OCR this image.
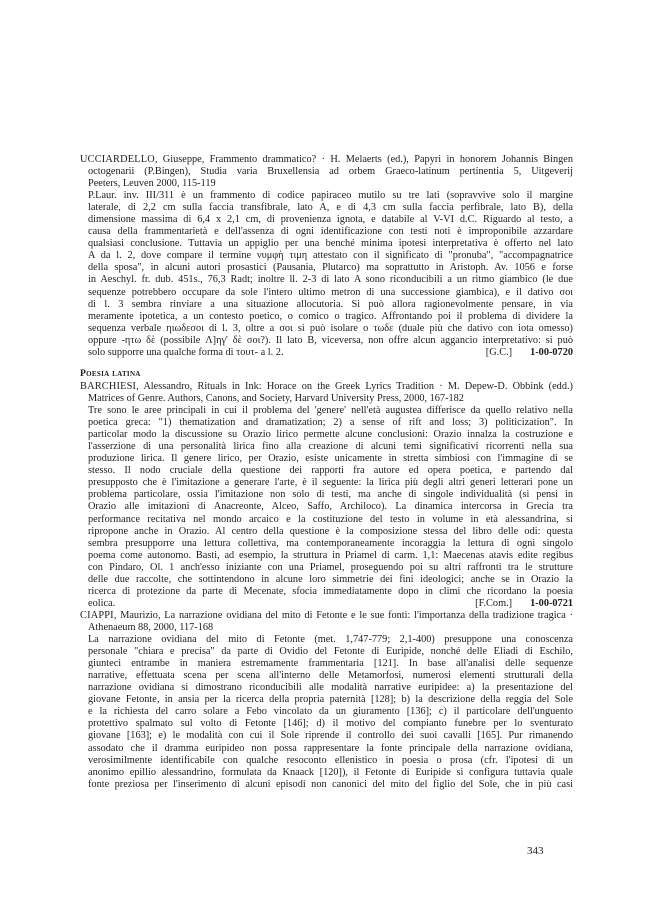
UCCIARDELLO, Giuseppe, Frammento drammatico? · H. Melaerts (ed.), Papyri in honorem Johannis Bingen
octogenarii (P.Bingen), Studia varia Bruxellensia ad orbem Graeco-latinum pertinentia 5, Uitgeverij
Peeters, Leuven 2000, 115-119
P.Laur. inv. III/311 è un frammento di codice papiraceo mutilo su tre lati (sopravvive solo il margine
laterale, di 2,2 cm sulla faccia transfibrale, lato A, e di 4,3 cm sulla faccia perfibrale, lato B), della
dimensione massima di 6,4 x 2,1 cm, di provenienza ignota, e databile al V-VI d.C. Riguardo al testo, a
causa della frammentarietà e dell'assenza di ogni identificazione con testi noti è improponibile azzardare
qualsiasi conclusione. Tuttavia un appiglio per una benché minima ipotesi interpretativa è offerto nel lato
A da l. 2, dove compare il termine νυμφὴ τιμη attestato con il significato di "pronuba", "accompagnatrice
della sposa", in alcuni autori prosastici (Pausania, Plutarco) ma soprattutto in Aristoph. Av. 1056 e forse
in Aeschyl. fr. dub. 451s., 76,3 Radt; inoltre ll. 2-3 di lato A sono riconducibili a un ritmo giambico (le due
sequenze potrebbero occupare da sole l'intero ultimo metron di una successione giambica), e il dativo σοι
di l. 3 sembra rinviare a una situazione allocutoria. Si può allora ragionevolmente pensare, in via
meramente ipotetica, a un contesto poetico, o comico o tragico. Affrontando poi il problema di dividere la
sequenza verbale ηιωδεσοι di l. 3, oltre a σοι si può isolare o τωδε (duale più che dativo con iota omesso)
oppure -ητω δὲ (possibile Λ]ηγ' δὲ σοι?). Il lato B, viceversa, non offre alcun aggancio interpretativo: si può
solo supporre una qualche forma di τουτ- a l. 2.	[G.C.] 1-00-0720
Poesia latina
BARCHIESI, Alessandro, Rituals in Ink: Horace on the Greek Lyrics Tradition · M. Depew-D. Obbink (edd.)
Matrices of Genre. Authors, Canons, and Society, Harvard University Press, 2000, 167-182
Tre sono le aree principali in cui il problema del 'genere' nell'età augustea differisce da quello relativo nella
poetica greca: "1) thematization and dramatization; 2) a sense of rift and loss; 3) politicization". In
particolar modo la discussione su Orazio lirico permette alcune conclusioni: Orazio innalza la costruzione e
l'asserzione di una personalità lirica fino alla creazione di alcuni temi significativi ricorrenti nella sua
produzione lirica. Il genere lirico, per Orazio, esiste unicamente in stretta simbiosi con l'immagine di se
stesso. Il nodo cruciale della questione dei rapporti fra autore ed opera poetica, e partendo dal
presupposto che è l'imitazione a generare l'arte, è il seguente: la lirica più degli altri generi letterari pone un
problema particolare, ossia l'imitazione non solo di testi, ma anche di singole individualità (si pensi in
Orazio alle imitazioni di Anacreonte, Alceo, Saffo, Archiloco). La dinamica intercorsa in Grecia tra
performance recitativa nel mondo arcaico e la costituzione del testo in volume in età alessandrina, si
ripropone anche in Orazio. Al centro della questione è la composizione stessa del libro delle odi: questa
sembra presupporre una lettura collettiva, ma contemporaneamente incoraggia la lettura di ogni singolo
poema come autonomo. Basti, ad esempio, la struttura in Priamel di carm. 1,1: Maecenas atavis edite regibus
con Pindaro, Ol. 1 anch'esso iniziante con una Priamel, proseguendo poi su altri raffronti tra le strutture
delle due raccolte, che sottintendono in alcune loro simmetrie dei fini ideologici; anche se in Orazio la
ricerca di protezione da parte di Mecenate, sfocia immediatamente dopo in climi che ricordano la poesia
eolica.	[F.Com.] 1-00-0721
CIAPPI, Maurizio, La narrazione ovidiana del mito di Fetonte e le sue fonti: l'importanza della tradizione tragica ·
Athenaeum 88, 2000, 117-168
La narrazione ovidiana del mito di Fetonte (met. 1,747-779; 2,1-400) presuppone una conoscenza
personale "chiara e precisa" da parte di Ovidio del Fetonte di Euripide, nonché delle Eliadi di Eschilo,
giunteci entrambe in maniera estremamente frammentaria [121]. In base all'analisi delle sequenze
narrative, effettuata scena per scena all'interno delle Metamorfosi, numerosi elementi strutturali della
narrazione ovidiana si dimostrano riconducibili alle modalità narrative euripidee: a) la presentazione del
giovane Fetonte, in ansia per la ricerca della propria paternità [128]; b) la descrizione della reggia del Sole
e la richiesta del carro solare a Febo vincolato da un giuramento [136]; c) il particolare dell'unguento
protettivo spalmato sul volto di Fetonte [146]; d) il motivo del compianto funebre per lo sventurato
giovane [163]; e) le modalità con cui il Sole riprende il controllo dei suoi cavalli [165]. Pur rimanendo
assodato che il dramma euripideo non possa rappresentare la fonte principale della narrazione ovidiana,
verosimilmente identificabile con qualche resoconto ellenistico in poesia o prosa (cfr. l'ipotesi di un
anonimo epillio alessandrino, formulata da Knaack [120]), il Fetonte di Euripide si configura tuttavia quale
fonte preziosa per l'inserimento di alcuni episodi non canonici del mito del figlio del Sole, che in più casi
343
